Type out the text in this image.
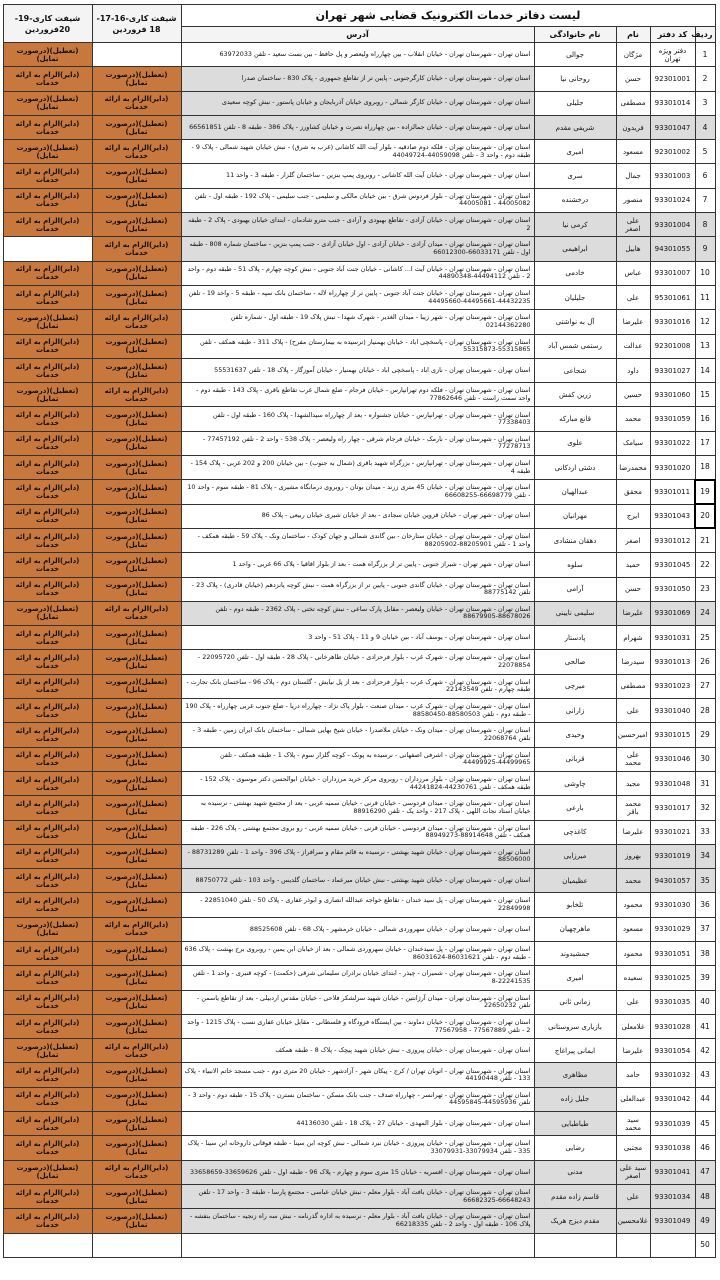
لیست دفاتر خدمات الکترونیک قضایی شهر تهران					شیفت کاری-16-17-18 فروردین	شیفت کاری-19-20فروردین
ردیف	کد دفتر	نام	نام خانوادگی	آدرس		
1	دفتر ویژه تهران	مژگان	جوالی	استان تهران - شهرستان تهران - خیابان انقلاب - بین چهارراه ولیعصر و پل حافظ - بین بست سعید - تلفن 63972033		(تعطیل)(درصورت تمایل)
2	92301001	حسن	روحانی نیا	استان تهران - شهرستان تهران - خیابان کارگرجنوبی - پایین تر از تقاطع جمهوری - پلاک 830 - ساختمان صدرا	(تعطیل)(درصورت تمایل)	(دایر)الزام به ارائه خدمات
3	93301014	مصطفی	جلیلی	استان تهران - شهرستان تهران - خیابان کارگر شمالی - روبروی خیابان آذربایجان و خیابان پاستور - نبش کوچه سعیدی	(دایر)الزام به ارائه خدمات	(تعطیل)(درصورت تمایل)
4	93301047	فریدون	شریفی مقدم	استان تهران - شهرستان تهران - خیابان جمالزاده - بین چهارراه نصرت و خیابان کشاورز - پلاک 386 - طبقه 8 - تلفن 66561851	(تعطیل)(درصورت تمایل)	(دایر)الزام به ارائه خدمات
5	92301002	مسعود	امیری	استان تهران - شهرستان تهران - فلکه دوم صادقیه - بلوار آیت الله کاشانی (غرب به شرق) - نبش خیابان شهید شمالی - پلاک 9 - طبقه دوم - واحد 3 - تلفن 44059098-44049724	(دایر)الزام به ارائه خدمات	(تعطیل)(درصورت تمایل)
6	93301003	جمال	سری	استان تهران - شهرستان تهران - خیابان آیت الله کاشانی - روبروی پمپ بنزین - ساختمان گلزار - طبقه 3 - واحد 11	(تعطیل)(درصورت تمایل)	(دایر)الزام به ارائه خدمات
7	93301024	منصور	درخشنده	استان تهران - شهرستان تهران - بلوار فردوس شرق - بین خیابان مالکی و سلیمی - جنب سلیمی - پلاک 192 - طبقه اول - تلفن 44005082 - 44005081	(تعطیل)(درصورت تمایل)	(دایر)الزام به ارائه خدمات
8	93301004	علی اصغر	کرمی نیا	استان تهران - شهرستان تهران - خیابان آزادی - تقاطع بهبودی و آزادی - جنب مترو شادمان - ابتدای خیابان بهبودی - پلاک 2 - طبقه 2	(تعطیل)(درصورت تمایل)	(دایر)الزام به ارائه خدمات
9	94301055	هابیل	ابراهیمی	استان تهران - شهرستان تهران - میدان آزادی - خیابان آزادی - اول خیابان آزادی - جنب پمپ بنزین - ساختمان شماره 808 - طبقه اول - تلفن 66033171-66012300	(دایر)الزام به ارائه خدمات	
10	93301007	عباس	خادمی	استان تهران - شهرستان تهران - خیابان آیت ا... کاشانی - خیابان جنت آباد جنوبی - نبش کوچه چهارم - پلاک 51 - طبقه دوم - واحد 2 - تلفن 44494112-44890348	(تعطیل)(درصورت تمایل)	(دایر)الزام به ارائه خدمات
11	95301061	علی	جلیلیان	استان تهران - شهرستان تهران - خیابان جنت آباد جنوبی - پایین تر از چهارراه لاله - ساختمان بانک سپه - طبقه 5 - واحد 19 - تلفن 44432235-44495661-44495660	(تعطیل)(درصورت تمایل)	(دایر)الزام به ارائه خدمات
12	93301016	علیرضا	آل به نواشتی	استان تهران - شهرستان تهران - شهر زیبا - میدان الغدیر - شهرک شهدا - نبش پلاک 19 - طبقه اول - شماره تلفن 02144362280	(دایر)الزام به ارائه خدمات	(تعطیل)(درصورت تمایل)
13	92301008	عدالت	رستمی شمس آباد	استان تهران - شهرستان تهران - پاسخچی اباد - خیابان بهمنیار (ترسیده به بیمارستان مفرح) - پلاک 311 - طبقه همکف - تلفن 55315865-55315873	(تعطیل)(درصورت تمایل)	(دایر)الزام به ارائه خدمات
14	93301027	داود	شجاعی	استان تهران - شهرستان تهران - نازی اباد - پاسخچی اباد - خیابان بهمنیار - خیابان آموزگار - پلاک 18 - تلفن 55531637	(تعطیل)(درصورت تمایل)	(دایر)الزام به ارائه خدمات
15	93301060	حسین	زرین کفش	استان تهران - شهرستان تهران - فلکه دوم تهرانپارس - خیابان فرجام - ضلع شمال غرب تقاطع باقری - پلاک 143 - طبقه دوم - واحد سمت راست - تلفن 77862646	(دایر)الزام به ارائه خدمات	(تعطیل)(درصورت تمایل)
16	93301059	محمد	قانع مبارکه	استان تهران - شهرستان تهران - تهرانپارس - خیابان جشنواره - بعد از چهارراه سیدالشهدا - پلاک 160 - طبقه اول - تلفن 77338403	(تعطیل)(درصورت تمایل)	(دایر)الزام به ارائه خدمات
17	93301022	سیامک	علوی	استان تهران - شهرستان تهران - نارمک - خیابان فرجام شرقی - چهار راه ولیعصر - پلاک 538 - واحد 2 - تلفن 77457192 - 77278713	(تعطیل)(درصورت تمایل)	(دایر)الزام به ارائه خدمات
18	93301020	محمدرضا	دشتی اردکانی	استان تهران - شهرستان تهران - تهرانپارس - بزرگراه شهید باقری (شمال به جنوب) - بین خیابان 200 و 202 غربی - پلاک 154 - طبقه 4	(تعطیل)(درصورت تمایل)	(دایر)الزام به ارائه خدمات
19	93301011	محقق	عبدالهیان	استان تهران - شهرستان تهران - خیابان 45 متری زرند - میدان بوتان - روبروی درمانگاه مشیری - پلاک 81 - طبقه سوم - واحد 10 - تلفن 66698779-66608255	(تعطیل)(درصورت تمایل)	(دایر)الزام به ارائه خدمات
20	93301043	ایرج	مهرانیان	استان تهران - شهر تهران - خیابان قزوین خیابان سجادی - بعد از خیابان شیری خیابان ربیعی - پلاک 86	(تعطیل)(درصورت تمایل)	(دایر)الزام به ارائه خدمات
21	93301012	اصغر	دهقان منشادی	استان تهران - شهرستان تهران - خیابان ستارخان - بین گاندی شمالی و جهان کودک - ساختمان ونک - پلاک 59 - طبقه همکف - واحد 1 - تلفن 88205901-88205902	(تعطیل)(درصورت تمایل)	(دایر)الزام به ارائه خدمات
22	93301045	حمید	سلوه	استان تهران - شهر تهران - شیراز جنوبی - پایین تر از بزرگراه همت - بعد از بلوار اقاقیا - پلاک 66 غربی - واحد 1	(تعطیل)(درصورت تمایل)	(دایر)الزام به ارائه خدمات
23	93301050	حسن	آرامی	استان تهران - شهرستان تهران - خیابان گاندی جنوبی - پایین تر از بزرگراه همت - نبش کوچه پانزدهم (خیابان قادری) - پلاک 23 - تلفن 88775142	(تعطیل)(درصورت تمایل)	(دایر)الزام به ارائه خدمات
24	93301069	علیرضا	سلیمی نایینی	استان تهران - شهرستان تهران - خیابان ولیعصر - مقابل پارک ساعی - نبش کوچه تختی - پلاک 2362 - طبقه دوم - تلفن 88678026-88679905	(دایر)الزام به ارائه خدمات	(تعطیل)(درصورت تمایل)
25	93301031	شهرام	پادستار	استان تهران - شهرستان تهران - یوسف آباد - بین خیابان 9 و 11 - پلاک 51 - واحد 3	(تعطیل)(درصورت تمایل)	(دایر)الزام به ارائه خدمات
26	93301013	سیدرضا	صالحی	استان تهران - شهرستان تهران - شهرک غرب - بلوار فرحزادی - خیابان طاهرخانی - پلاک 28 - طبقه اول - تلفن 22095720 - 22078854	(تعطیل)(درصورت تمایل)	(دایر)الزام به ارائه خدمات
27	93301023	مصطفی	میرچی	استان تهران - شهرستان تهران - شهرک غرب - بلوار فرحزادی - بعد از پل نیایش - گلستان دوم - پلاک 96 - ساختمان بانک تجارت - طبقه چهارم - تلفن 22143549	(تعطیل)(درصورت تمایل)	(دایر)الزام به ارائه خدمات
28	93301040	علی	زارانی	استان تهران - شهرستان تهران - شهرک غرب - میدان صنعت - بلوار پاک نژاد - چهارراه دریا - ضلع جنوب غربی چهارراه - پلاک 190 - طبقه دوم - تلفن 88580503-88580450	(تعطیل)(درصورت تمایل)	(دایر)الزام به ارائه خدمات
29	93301015	امیرحسین	وحیدی	استان تهران - شهرستان تهران - میدان ونک - خیابان ملاصدرا - خیابان شیخ بهایی شمالی - ساختمان بانک ایران زمین - طبقه 3 - تلفن 22068764	(تعطیل)(درصورت تمایل)	(دایر)الزام به ارائه خدمات
30	93301046	علی محمد	قربانی	استان تهران - شهرستان تهران - اشرفی اصفهانی - نرسیده به پونک - کوچه گلزار سوم - پلاک 1 - طبقه همکف - تلفن 44499965-44499925	(تعطیل)(درصورت تمایل)	(دایر)الزام به ارائه خدمات
31	93301048	مجید	چاوشی	استان تهران - شهرستان تهران - بلوار مرزداران - روبروی مرکز خرید مرزداران - خیابان ابوالحسن دکتر موسوی - پلاک 152 - طبقه همکف - تلفن 44230761-44241824	(تعطیل)(درصورت تمایل)	(دایر)الزام به ارائه خدمات
32	93301017	محمد باقر	بارعی	استان تهران - شهرستان تهران - میدان فردوسی - خیابان قرنی - خیابان سمیه غربی - بعد از مجتمع شهید بهشتی - نرسیده به خیابان استاد نجات اللهی - پلاک 217 - واحد یک - تلفن 88916290	(تعطیل)(درصورت تمایل)	(دایر)الزام به ارائه خدمات
33	93301021	علیرضا	کاغذچی	استان تهران - شهرستان تهران - میدان فردوسی - خیابان قرنی - خیابان سمیه غربی - رو بروی مجتمع بهشتی - پلاک 226 - طبقه همکف - تلفن 88914648-88949273	(تعطیل)(درصورت تمایل)	(دایر)الزام به ارائه خدمات
34	93301019	بهروز	میرزایی	استان تهران - شهرستان تهران - خیابان شهید بهشتی - نرسیده به قائم مقام و سرافراز - پلاک 396 - واحد 1 - تلفن 88731289 - 88506000	(تعطیل)(درصورت تمایل)	(دایر)الزام به ارائه خدمات
35	94301057	محمد	عظیمیان	استان تهران - شهرستان تهران - خیابان شهید بهشتی - نبش خیابان میرعماد - ساختمان گلدیس - واحد 103 - تلفن 88750772	(تعطیل)(درصورت تمایل)	(دایر)الزام به ارائه خدمات
36	93301030	محمود	تلخابو	استان تهران - شهرستان تهران - پل سید خندان - تقاطع خواجه عبدالله انصاری و ابوذر غفاری - پلاک 50 - تلفن 22851040 - 22849998	(تعطیل)(درصورت تمایل)	(دایر)الزام به ارائه خدمات
37	93301029	مسعود	ماهرچهیان	استان تهران - شهرستان تهران - خیابان سهروردی شمالی - خیابان خرمشهر - پلاک 68 - تلفن 88525608	(دایر)الزام به ارائه خدمات	(تعطیل)(درصورت تمایل)
38	93301051	محمود	جمشیدوند	استان تهران - شهرستان تهران - پل سیدخندان - خیابان سهروردی شمالی - بعد از خیابان ابن یمین - روبروی برج بهشت - پلاک 636 - طبقه دوم - تلفن 86031621-86031624	(تعطیل)(درصورت تمایل)	(دایر)الزام به ارائه خدمات
39	93301025	سعیده	امیری	استان تهران - شهرستان تهران - شمیران - چیذر - ابتدای خیابان برادران سلیمانی شرقی (حکمت) - کوچه قنبری - واحد 1 - تلفن 22241535-8	(تعطیل)(درصورت تمایل)	(دایر)الزام به ارائه خدمات
40	93301035	علی	زمانی ثانی	استان تهران - شهرستان تهران - میدان آرژانتین - خیابان شهید سرلشکر فلاحی - خیابان مقدس اردبیلی - بعد از تقاطع یاسمن - تلفن 22650232	(تعطیل)(درصورت تمایل)	(دایر)الزام به ارائه خدمات
41	93301028	غلامعلی	بازیاری سروستانی	استان تهران - شهرستان تهران - خیابان دماوند - بین ایستگاه فرودگاه و فلسطانی - مقابل خیابان غفاری نسب - پلاک 1215 - واحد 2 - تلفن 77567889 - 77567958	(تعطیل)(درصورت تمایل)	(دایر)الزام به ارائه خدمات
42	93301054	علیرضا	ایمانی پیراغاج	استان تهران - شهرستان تهران - خیابان پیروزی - نبش خیابان شهید پیچک - پلاک 8 - طبقه همکف	(دایر)الزام به ارائه خدمات	(تعطیل)(درصورت تمایل)
43	93301032	حامد	مظاهری	استان تهران - شهرستان تهران - اتوبان تهران / کرج - پیکان شهر - آزادشهر - خیابان 20 متری دوم - جنب مسجد خاتم الانبیاء - پلاک 133 - تلفن 44190448	(تعطیل)(درصورت تمایل)	(دایر)الزام به ارائه خدمات
44	93301042	عبدالعلی	جلیل زاده	استان تهران - شهرستان تهران - تهرانسر - چهارراه صدف - جنب بانک مسکن - ساختمان نسترن - پلاک 15 - طبقه دوم - واحد 3 - تلفن 44595936-44595845	(تعطیل)(درصورت تمایل)	(دایر)الزام به ارائه خدمات
45	93301039	سید محمد	طباطبایی	استان تهران - شهرستان تهران - بلوار المهدی - خیابان 27 - پلاک 18 - تلفن 44136030	(تعطیل)(درصورت تمایل)	(دایر)الزام به ارائه خدمات
46	93301038	مجتبی	رضایی	استان تهران - شهرستان تهران - خیابان پیروزی - خیابان نبرد شمالی - نبش کوچه ابن سینا - طبقه فوقانی داروخانه ابن سینا - پلاک 335 - تلفن 33079934-33079931	(تعطیل)(درصورت تمایل)	(دایر)الزام به ارائه خدمات
47	93301041	سید علی اصغر	مدنی	استان تهران - شهرستان تهران - افسریه - خیابان 15 متری سوم و چهارم - پلاک 96 - طبقه اول - تلفن 33659626-33658659	(دایر)الزام به ارائه خدمات	(تعطیل)(درصورت تمایل)
48	93301034	علی	قاسم زاده مقدم	استان تهران - شهرستان تهران - خیابان بافت آباد - بلوار معلم - نبش خیابان عباسی - مجتمع پارسا - طبقه 3 - واحد 17 - تلفن 66648243-66682325	(تعطیل)(درصورت تمایل)	(دایر)الزام به ارائه خدمات
49	93301049	غلامحسین	مقدم دیزج هریک	استان تهران - شهرستان تهران - خیابان بافت آباد - بلوار معلم - نرسیده به اداره گذرنامه - نبش سه راه زنجیه - ساختمان بنفشه - پلاک 106 - طبقه اول - واحد 2 - تلفن 66218335	(تعطیل)(درصورت تمایل)	(دایر)الزام به ارائه خدمات
50						
